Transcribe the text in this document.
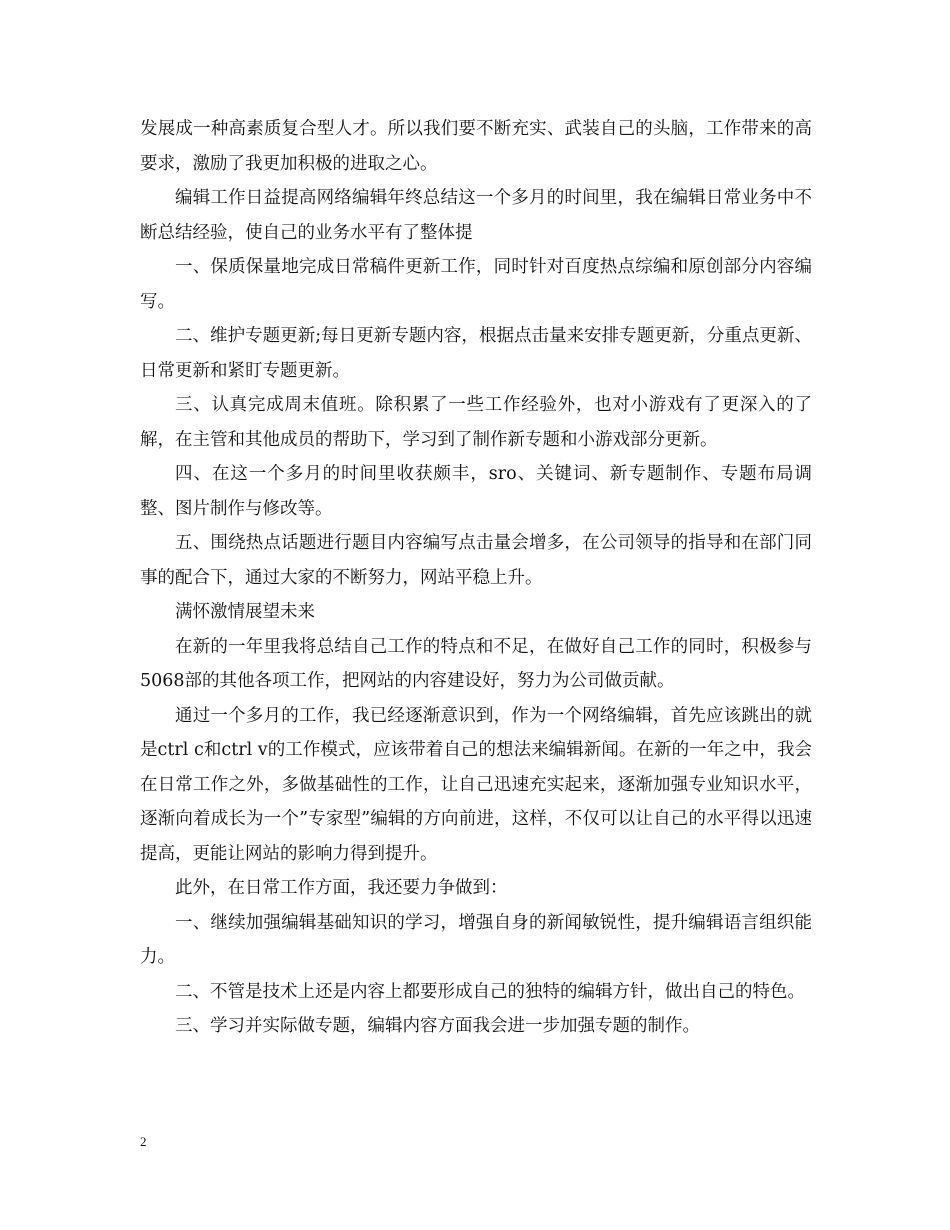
发展成一种高素质复合型人才。所以我们要不断充实、武装自己的头脑，工作带来的高要求，激励了我更加积极的进取之心。

编辑工作日益提高网络编辑年终总结这一个多月的时间里，我在编辑日常业务中不断总结经验，使自己的业务水平有了整体提

一、保质保量地完成日常稿件更新工作，同时针对百度热点综编和原创部分内容编写。

二、维护专题更新;每日更新专题内容，根据点击量来安排专题更新，分重点更新、日常更新和紧盯专题更新。

三、认真完成周末值班。除积累了一些工作经验外，也对小游戏有了更深入的了解，在主管和其他成员的帮助下，学习到了制作新专题和小游戏部分更新。

四、在这一个多月的时间里收获颇丰，sro、关键词、新专题制作、专题布局调整、图片制作与修改等。

五、围绕热点话题进行题目内容编写点击量会增多，在公司领导的指导和在部门同事的配合下，通过大家的不断努力，网站平稳上升。

满怀激情展望未来

在新的一年里我将总结自己工作的特点和不足，在做好自己工作的同时，积极参与5068部的其他各项工作，把网站的内容建设好，努力为公司做贡献。

通过一个多月的工作，我已经逐渐意识到，作为一个网络编辑，首先应该跳出的就是ctrl c和ctrl v的工作模式，应该带着自己的想法来编辑新闻。在新的一年之中，我会在日常工作之外，多做基础性的工作，让自己迅速充实起来，逐渐加强专业知识水平，逐渐向着成长为一个”专家型”编辑的方向前进，这样，不仅可以让自己的水平得以迅速提高，更能让网站的影响力得到提升。

此外，在日常工作方面，我还要力争做到：

一、继续加强编辑基础知识的学习，增强自身的新闻敏锐性，提升编辑语言组织能力。

二、不管是技术上还是内容上都要形成自己的独特的编辑方针，做出自己的特色。

三、学习并实际做专题，编辑内容方面我会进一步加强专题的制作。

2
